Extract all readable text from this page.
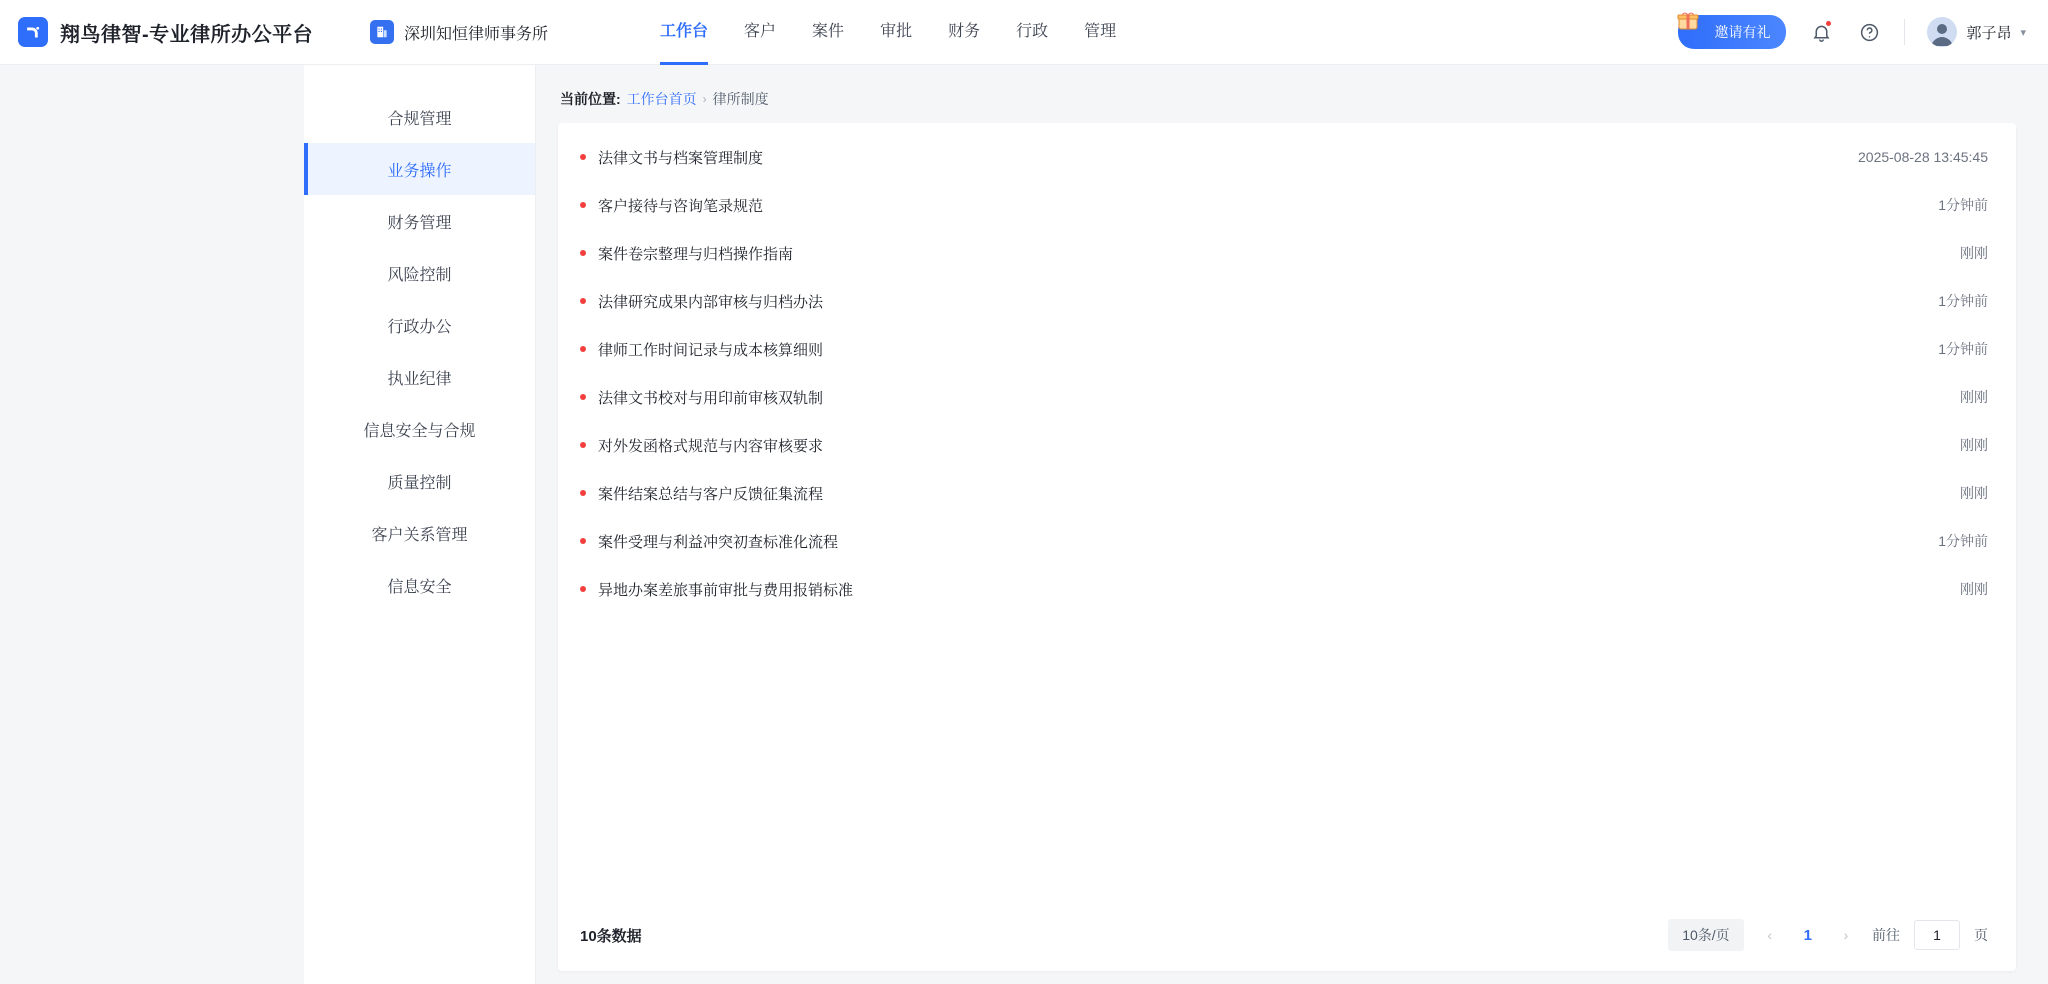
翔鸟律智-专业律所办公平台	深圳知恒律师事务所	工作台 客户 案件 审批 财务 行政 管理	邀请有礼	郭子昂 ▾
合规管理
业务操作
财务管理
风险控制
行政办公
执业纪律
信息安全与合规
质量控制
客户关系管理
信息安全
当前位置: 工作台首页 › 律所制度
法律文书与档案管理制度	2025-08-28 13:45:45
客户接待与咨询笔录规范	1分钟前
案件卷宗整理与归档操作指南	刚刚
法律研究成果内部审核与归档办法	1分钟前
律师工作时间记录与成本核算细则	1分钟前
法律文书校对与用印前审核双轨制	刚刚
对外发函格式规范与内容审核要求	刚刚
案件结案总结与客户反馈征集流程	刚刚
案件受理与利益冲突初查标准化流程	1分钟前
异地办案差旅事前审批与费用报销标准	刚刚
10条数据	10条/页	‹	1	›	前往
1	页
